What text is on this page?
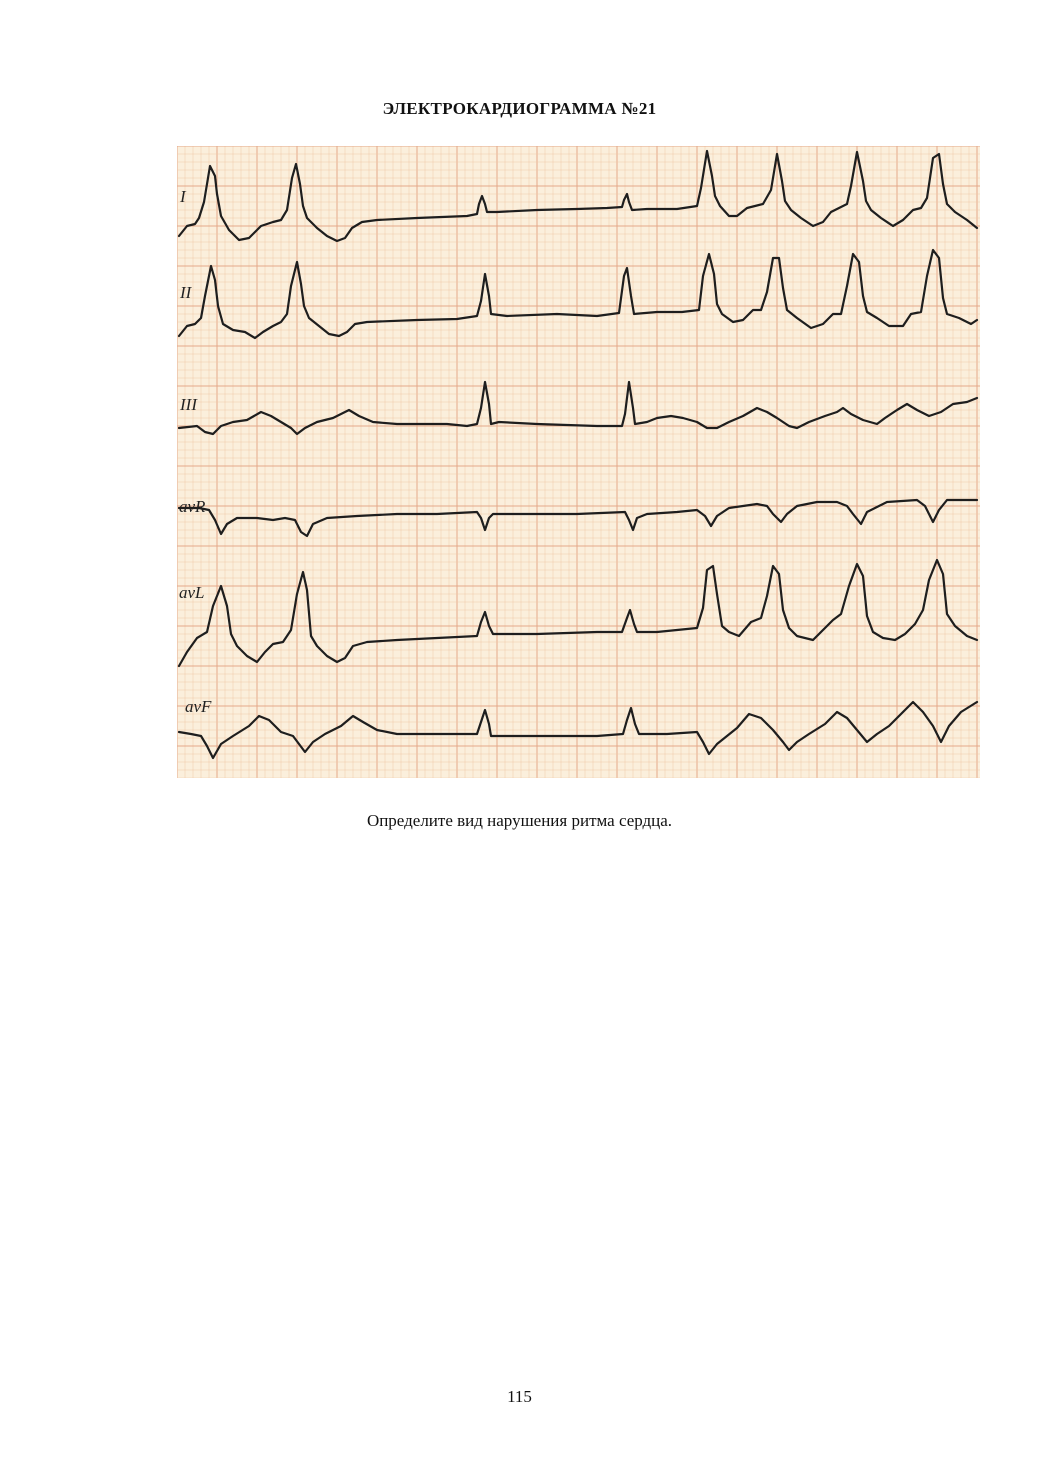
ЭЛЕКТРОКАРДИОГРАММА №21
I
II
III
avR
avL
avF
Определите вид нарушения ритма сердца.
115
